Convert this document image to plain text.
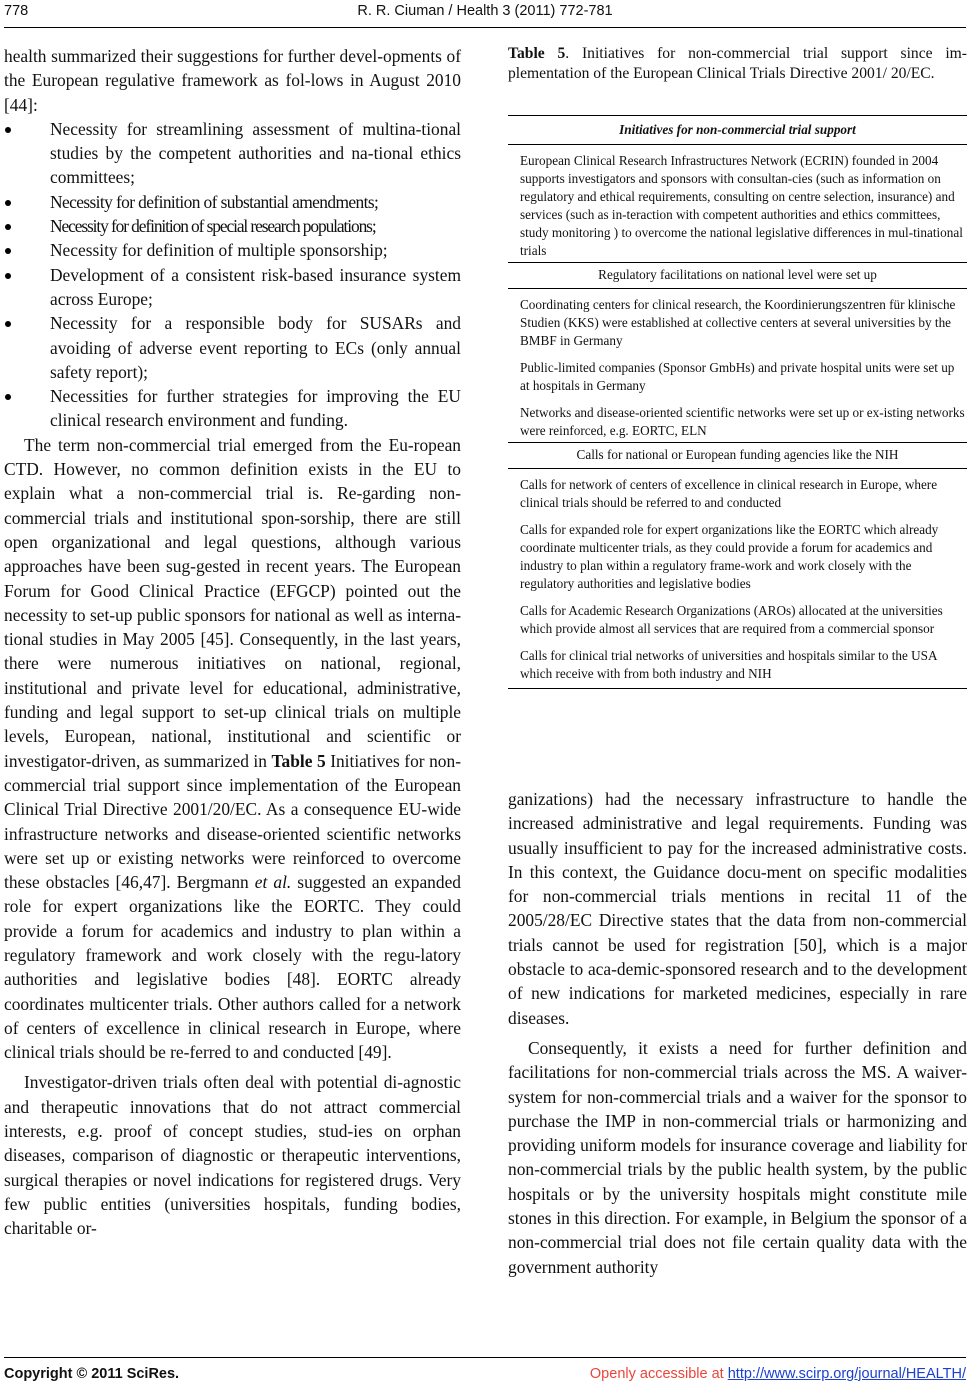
778	R. R. Ciuman / Health 3 (2011) 772-781

health summarized their suggestions for further devel-opments of the European regulative framework as fol-lows in August 2010 [44]:

Necessity for streamlining assessment of multina-tional studies by the competent authorities and na-tional ethics committees;
Necessity for definition of substantial amendments;
Necessity for definition of special research populations;
Necessity for definition of multiple sponsorship;
Development of a consistent risk-based insurance system across Europe;
Necessity for a responsible body for SUSARs and avoiding of adverse event reporting to ECs (only annual safety report);
Necessities for further strategies for improving the EU clinical research environment and funding.

The term non-commercial trial emerged from the Eu-ropean CTD. However, no common definition exists in the EU to explain what a non-commercial trial is. Re-garding non-commercial trials and institutional spon-sorship, there are still open organizational and legal questions, although various approaches have been sug-gested in recent years. The European Forum for Good Clinical Practice (EFGCP) pointed out the necessity to set-up public sponsors for national as well as interna-tional studies in May 2005 [45]. Consequently, in the last years, there were numerous initiatives on national, regional, institutional and private level for educational, administrative, funding and legal support to set-up clinical trials on multiple levels, European, national, institutional and scientific or investigator-driven, as summarized in Table 5 Initiatives for non-commercial trial support since implementation of the European Clinical Trial Directive 2001/20/EC. As a consequence EU-wide infrastructure networks and disease-oriented scientific networks were set up or existing networks were reinforced to overcome these obstacles [46,47]. Bergmann et al. suggested an expanded role for expert organizations like the EORTC. They could provide a forum for academics and industry to plan within a regulatory framework and work closely with the regu-latory authorities and legislative bodies [48]. EORTC already coordinates multicenter trials. Other authors called for a network of centers of excellence in clinical research in Europe, where clinical trials should be re-ferred to and conducted [49].

Investigator-driven trials often deal with potential di-agnostic and therapeutic innovations that do not attract commercial interests, e.g. proof of concept studies, stud-ies on orphan diseases, comparison of diagnostic or therapeutic interventions, surgical therapies or novel indications for registered drugs. Very few public entities (universities hospitals, funding bodies, charitable or-

Table 5. Initiatives for non-commercial trial support since im-plementation of the European Clinical Trials Directive 2001/ 20/EC.

Initiatives for non-commercial trial support
European Clinical Research Infrastructures Network (ECRIN) founded in 2004 supports investigators and sponsors with consultan-cies (such as information on regulatory and ethical requirements, consulting on centre selection, insurance) and services (such as in-teraction with competent authorities and ethics committees, study monitoring ) to overcome the national legislative differences in mul-tinational trials
Regulatory facilitations on national level were set up
Coordinating centers for clinical research, the Koordinierungszentren für klinische Studien (KKS) were established at collective centers at several universities by the BMBF in Germany
Public-limited companies (Sponsor GmbHs) and private hospital units were set up at hospitals in Germany
Networks and disease-oriented scientific networks were set up or ex-isting networks were reinforced, e.g. EORTC, ELN
Calls for national or European funding agencies like the NIH
Calls for network of centers of excellence in clinical research in Europe, where clinical trials should be referred to and conducted
Calls for expanded role for expert organizations like the EORTC which already coordinate multicenter trials, as they could provide a forum for academics and industry to plan within a regulatory frame-work and work closely with the regulatory authorities and legislative bodies
Calls for Academic Research Organizations (AROs) allocated at the universities which provide almost all services that are required from a commercial sponsor
Calls for clinical trial networks of universities and hospitals similar to the USA which receive with from both industry and NIH

ganizations) had the necessary infrastructure to handle the increased administrative and legal requirements. Funding was usually insufficient to pay for the increased administrative costs. In this context, the Guidance docu-ment on specific modalities for non-commercial trials mentions in recital 11 of the 2005/28/EC Directive states that the data from non-commercial trials cannot be used for registration [50], which is a major obstacle to aca-demic-sponsored research and to the development of new indications for marketed medicines, especially in rare diseases.

Consequently, it exists a need for further definition and facilitations for non-commercial trials across the MS. A waiver-system for non-commercial trials and a waiver for the sponsor to purchase the IMP in non-commercial trials or harmonizing and providing uniform models for insurance coverage and liability for non-commercial trials by the public health system, by the public hospitals or by the university hospitals might constitute mile stones in this direction. For example, in Belgium the sponsor of a non-commercial trial does not file certain quality data with the government authority

Copyright © 2011 SciRes.	Openly accessible at http://www.scirp.org/journal/HEALTH/
